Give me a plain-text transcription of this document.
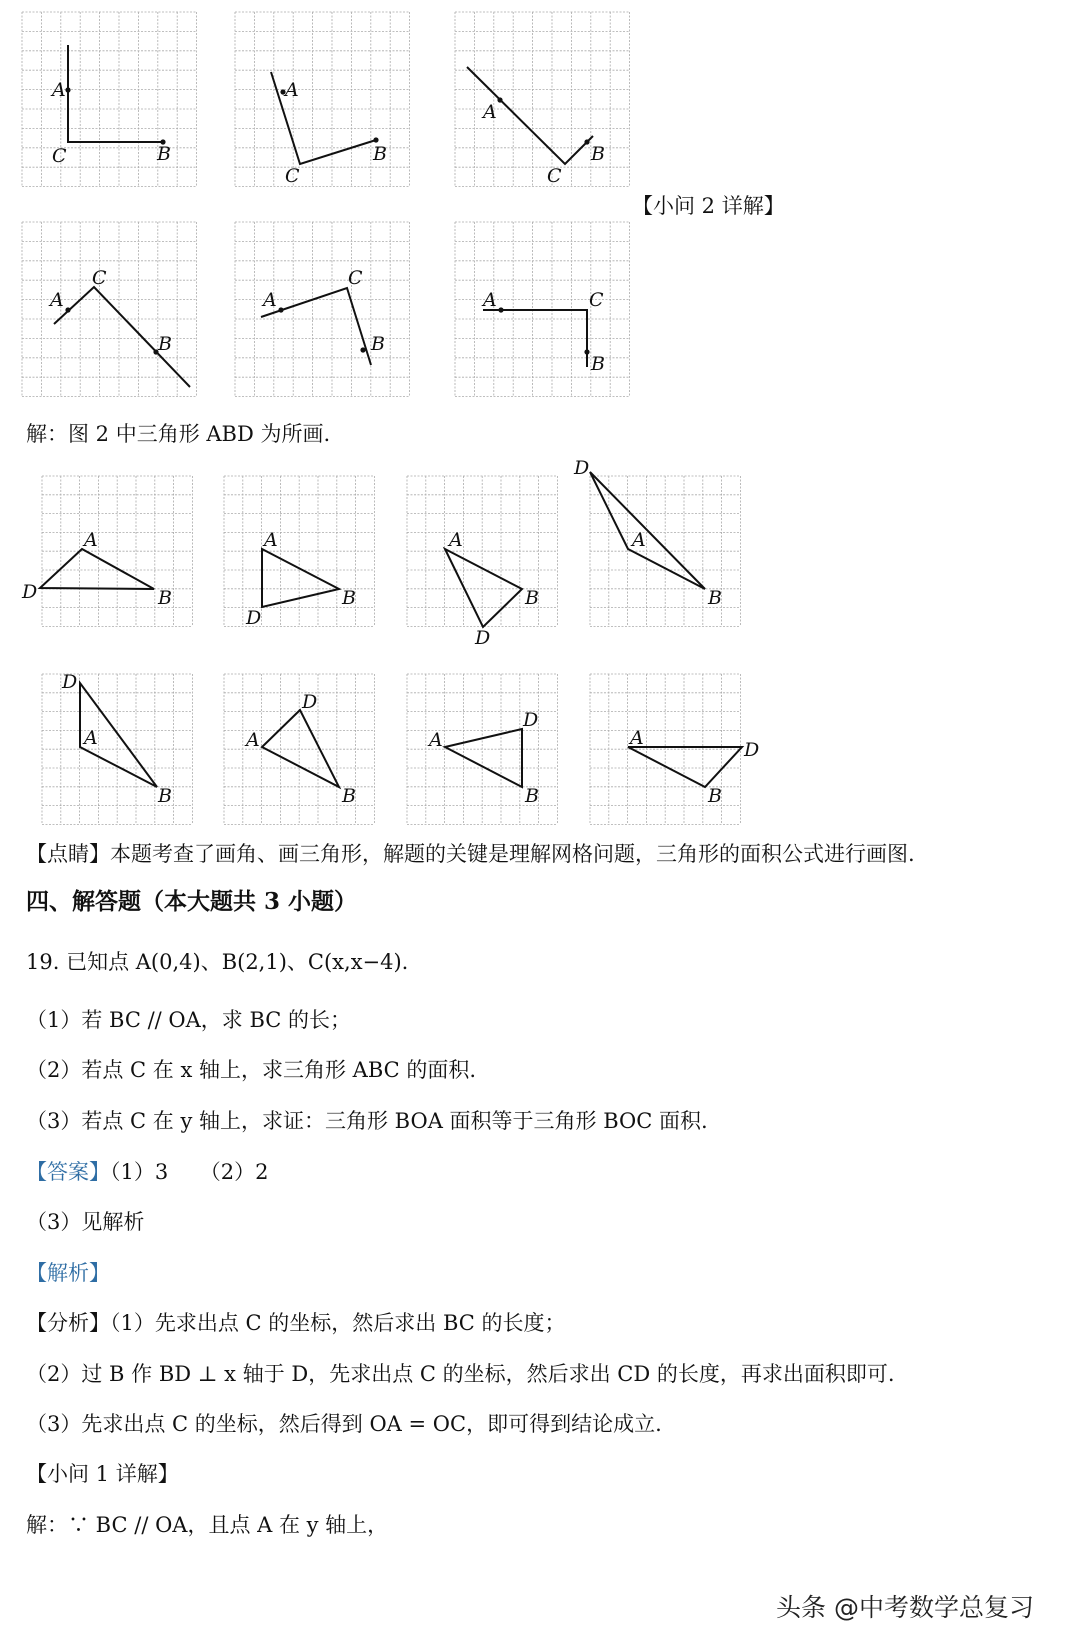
A
C	B
A
C
B
A
C
B
A
C
B
A
C
B
A	C
B
【小问 2 详解】
解：图 2 中三角形 ABD 为所画.
A
D	B
A
D
B
A
D
B
A
D
B
D
A
B
D
A
B
D
A
B
A
D
B
【点睛】本题考查了画角、画三角形，解题的关键是理解网格问题，三角形的面积公式进行画图.
四、解答题（本大题共 3 小题）
19. 已知点 A(0,4)、B(2,1)、C(x,x−4).
（1）若 BC // OA，求 BC 的长；
（2）若点 C 在 x 轴上，求三角形 ABC 的面积.
（3）若点 C 在 y 轴上，求证：三角形 BOA 面积等于三角形 BOC 面积.
【答案】（1）3　　（2）2
（3）见解析
【解析】
【分析】（1）先求出点 C 的坐标，然后求出 BC 的长度；
（2）过 B 作 BD ⊥ x 轴于 D，先求出点 C 的坐标，然后求出 CD 的长度，再求出面积即可.
（3）先求出点 C 的坐标，然后得到 OA = OC，即可得到结论成立.
【小问 1 详解】
解：∵ BC // OA，且点 A 在 y 轴上，
头条 @中考数学总复习
